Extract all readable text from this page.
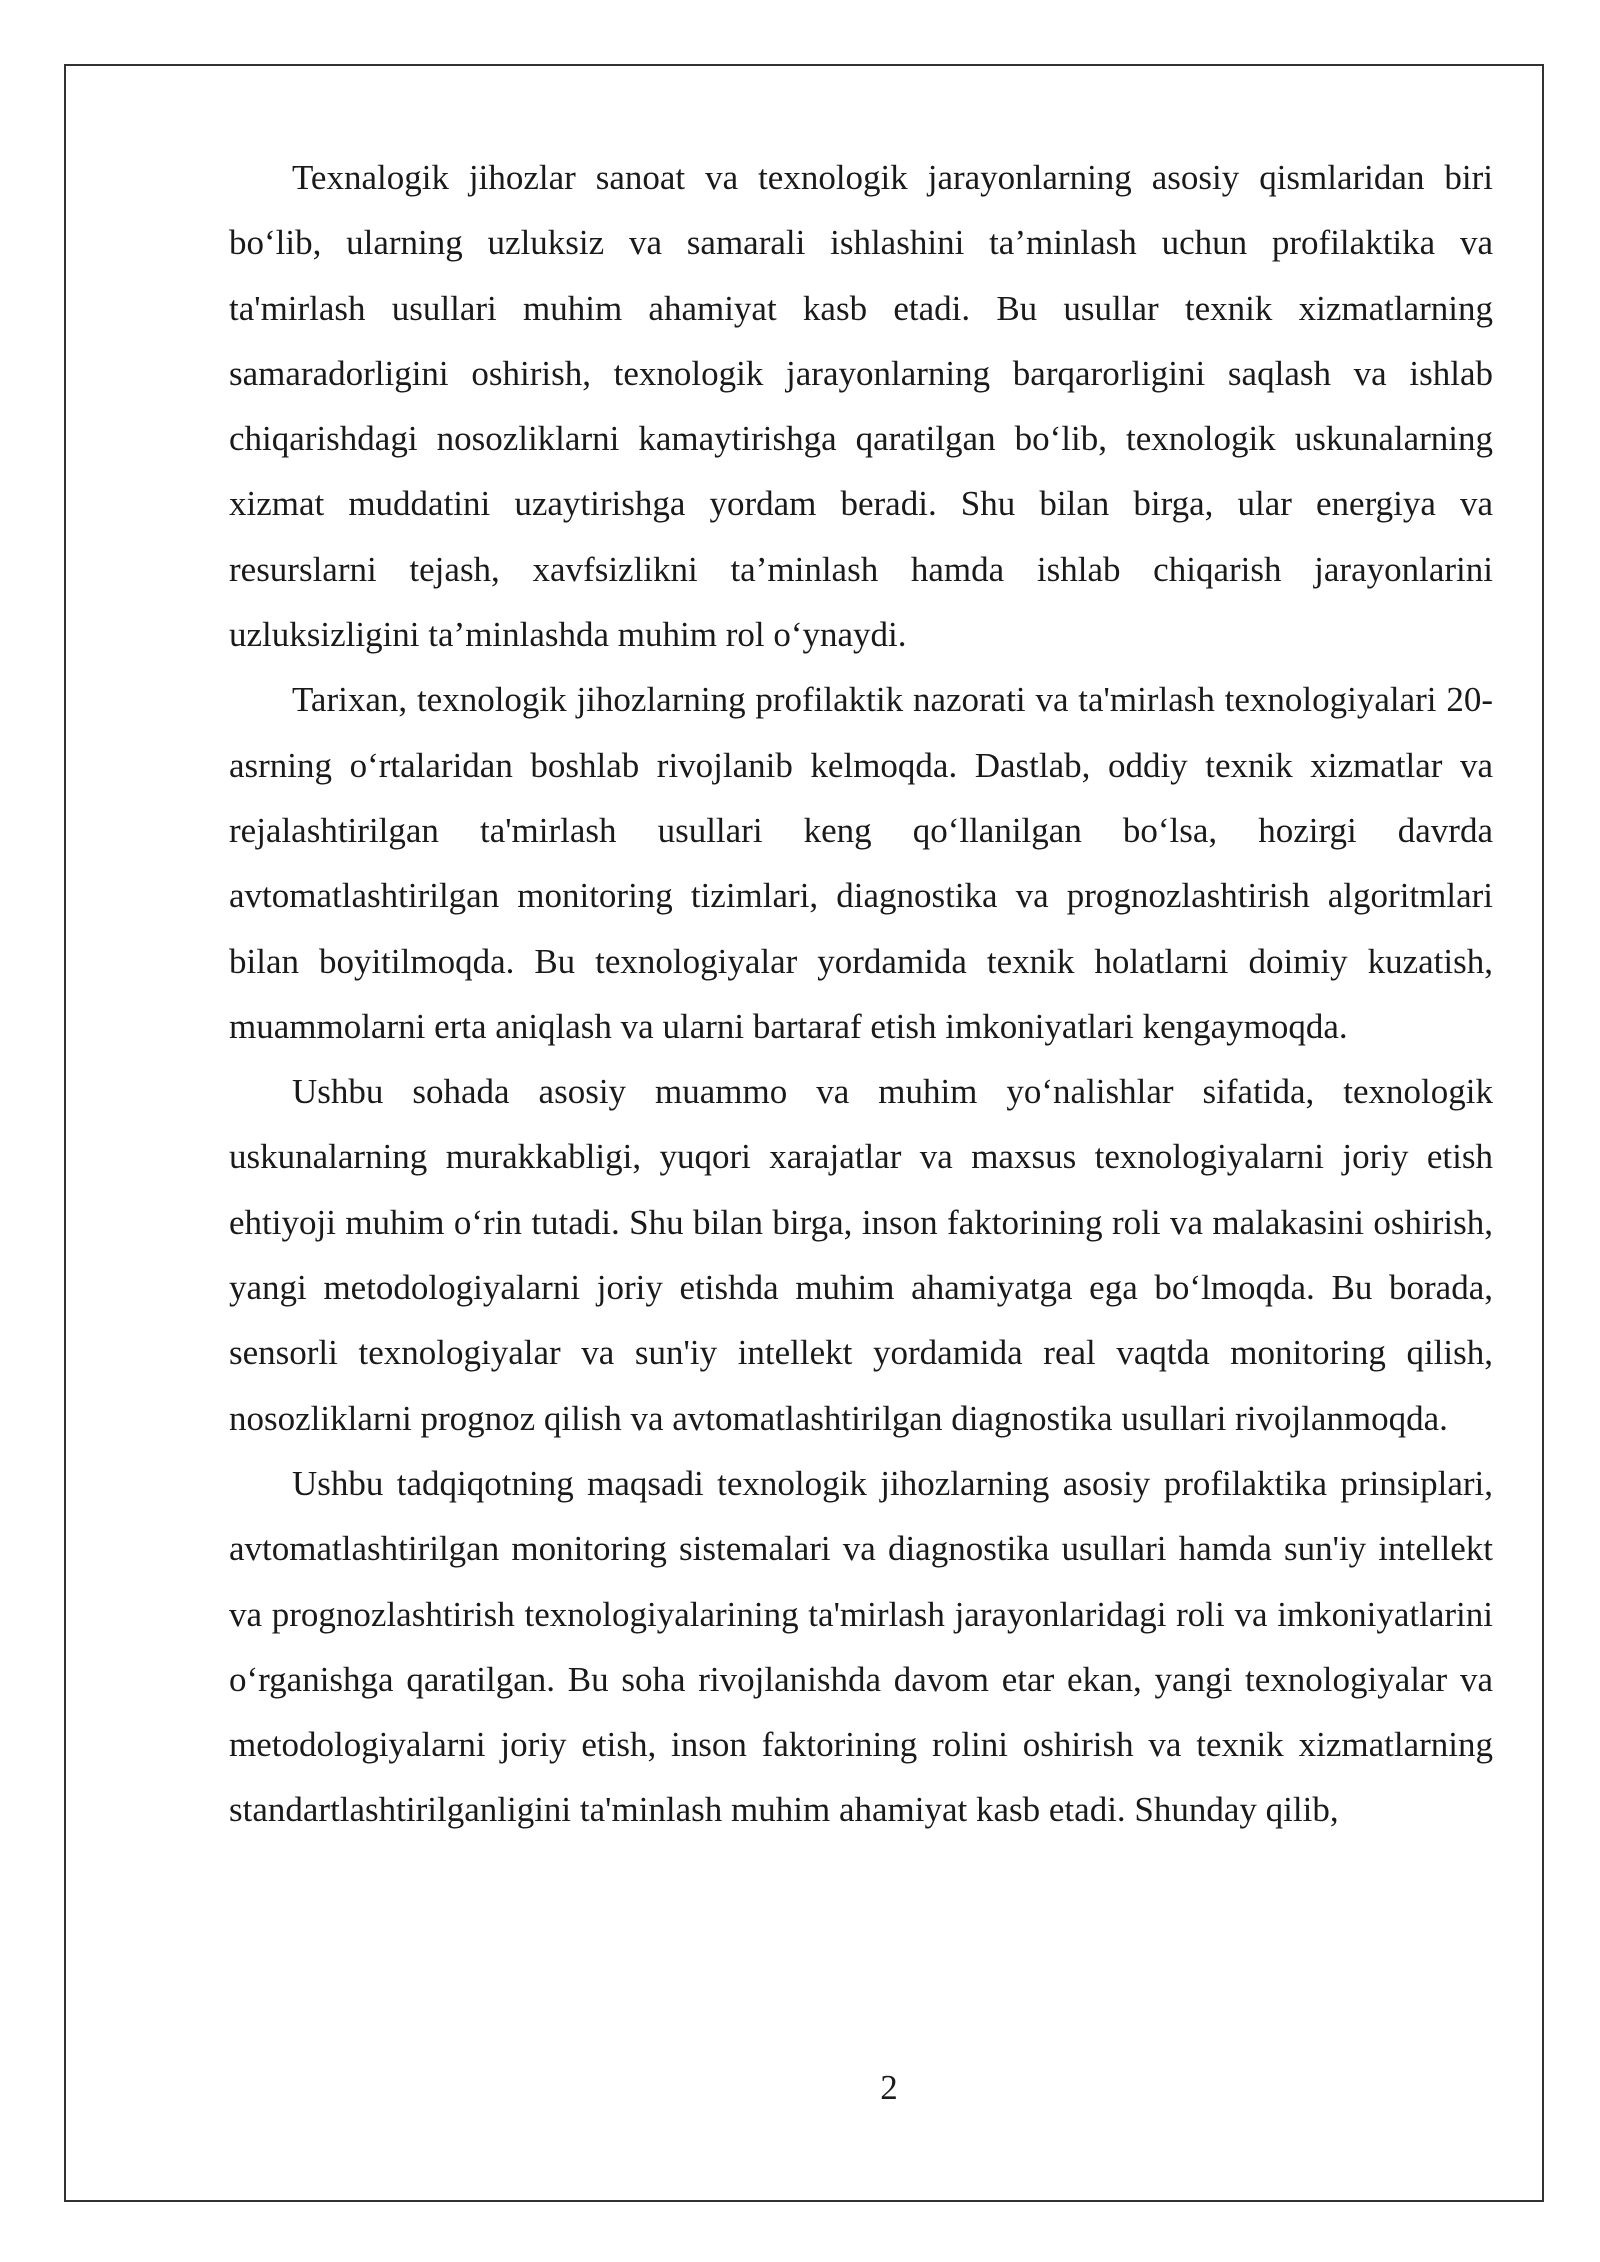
Texnalogik jihozlar sanoat va texnologik jarayonlarning asosiy qismlaridan biri bo‘lib, ularning uzluksiz va samarali ishlashini ta’minlash uchun profilaktika va ta'mirlash usullari muhim ahamiyat kasb etadi. Bu usullar texnik xizmatlarning samaradorligini oshirish, texnologik jarayonlarning barqarorligini saqlash va ishlab chiqarishdagi nosozliklarni kamaytirishga qaratilgan bo‘lib, texnologik uskunalarning xizmat muddatini uzaytirishga yordam beradi. Shu bilan birga, ular energiya va resurslarni tejash, xavfsizlikni ta’minlash hamda ishlab chiqarish jarayonlarini uzluksizligini ta’minlashda muhim rol o‘ynaydi.

Tarixan, texnologik jihozlarning profilaktik nazorati va ta'mirlash texnologiyalari 20-asrning o‘rtalaridan boshlab rivojlanib kelmoqda. Dastlab, oddiy texnik xizmatlar va rejalashtirilgan ta'mirlash usullari keng qo‘llanilgan bo‘lsa, hozirgi davrda avtomatlashtirilgan monitoring tizimlari, diagnostika va prognozlashtirish algoritmlari bilan boyitilmoqda. Bu texnologiyalar yordamida texnik holatlarni doimiy kuzatish, muammolarni erta aniqlash va ularni bartaraf etish imkoniyatlari kengaymoqda.

Ushbu sohada asosiy muammo va muhim yo‘nalishlar sifatida, texnologik uskunalarning murakkabligi, yuqori xarajatlar va maxsus texnologiyalarni joriy etish ehtiyoji muhim o‘rin tutadi. Shu bilan birga, inson faktorining roli va malakasini oshirish, yangi metodologiyalarni joriy etishda muhim ahamiyatga ega bo‘lmoqda. Bu borada, sensorli texnologiyalar va sun'iy intellekt yordamida real vaqtda monitoring qilish, nosozliklarni prognoz qilish va avtomatlashtirilgan diagnostika usullari rivojlanmoqda.

Ushbu tadqiqotning maqsadi texnologik jihozlarning asosiy profilaktika prinsiplari, avtomatlashtirilgan monitoring sistemalari va diagnostika usullari hamda sun'iy intellekt va prognozlashtirish texnologiyalarining ta'mirlash jarayonlaridagi roli va imkoniyatlarini o‘rganishga qaratilgan. Bu soha rivojlanishda davom etar ekan, yangi texnologiyalar va metodologiyalarni joriy etish, inson faktorining rolini oshirish va texnik xizmatlarning standartlashtirilganligini ta'minlash muhim ahamiyat kasb etadi. Shunday qilib,

2
